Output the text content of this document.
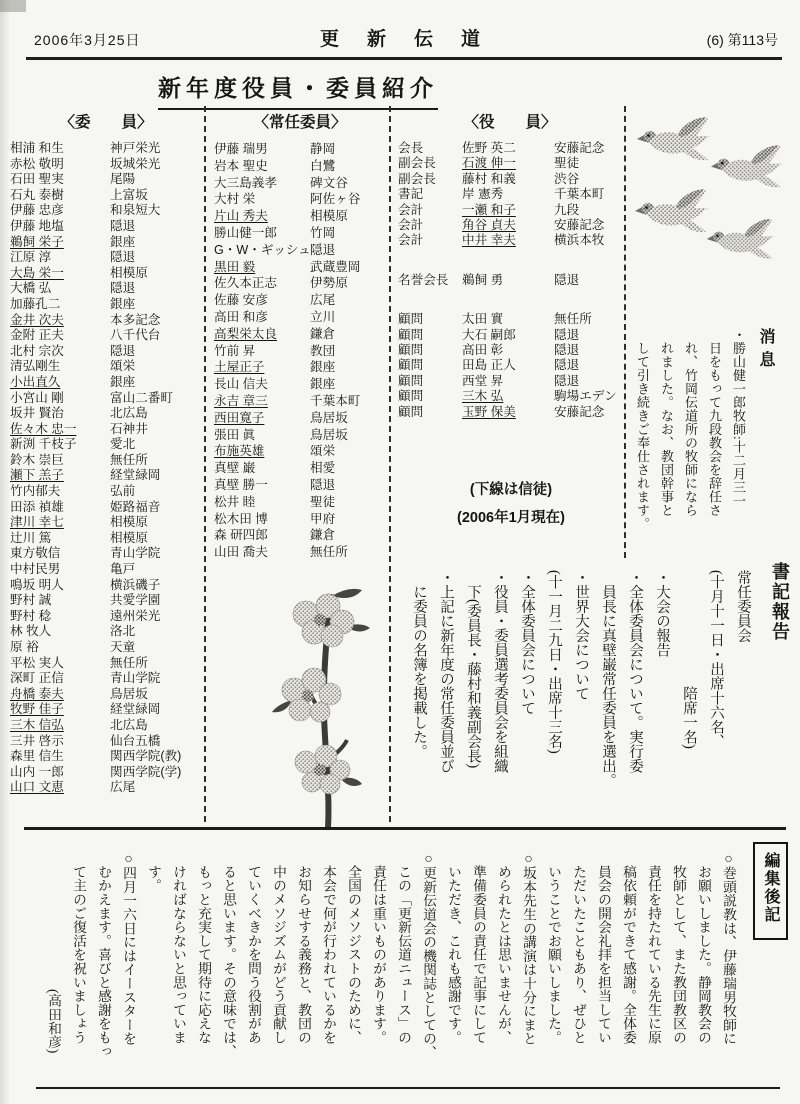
2006年3月25日	更新伝道	(6) 第113号
新年度役員・委員紹介
〈委　　員〉
相浦 和生	神戸栄光
赤松 敬明	坂城栄光
石田 聖実	尾陽
石丸 泰樹	上富坂
伊藤 忠彦	和泉短大
伊藤 地塩	隠退
鵜飼 栄子	銀座
江原 淳	隠退
大島 栄一	相模原
大橋 弘	隠退
加藤孔二	銀座
金井 次夫	本多記念
金附 正夫	八千代台
北村 宗次	隠退
清弘剛生	頌栄
小出直久	銀座
小宮山 剛	富山二番町
坂井 賢治	北広島
佐々木 忠一	石神井
新渕 千枝子	愛北
鈴木 崇巨	無任所
瀬下 羔子	経堂緑岡
竹内郁夫	弘前
田添 禎雄	姫路福音
津川 幸七	相模原
辻川 篤	相模原
東方敬信	青山学院
中村民男	亀戸
鳴坂 明人	横浜磯子
野村 誠	共愛学園
野村 稔	遠州栄光
林 牧人	洛北
原 裕	天童
平松 実人	無任所
深町 正信	青山学院
舟橋 泰夫	鳥居坂
牧野 佳子	経堂緑岡
三木 信弘	北広島
三井 啓示	仙台五橋
森里 信生	関西学院(教)
山内 一郎	関西学院(学)
山口 文恵	広尾
〈常任委員〉
伊藤 瑞男	静岡
岩本 聖史	白鷺
大三島義孝	碑文谷
大村 栄	阿佐ヶ谷
片山 秀夫	相模原
勝山健一郎	竹岡
G・W・ギッシュ 隠退
黒田 毅	武蔵豊岡
佐久本正志	伊勢原
佐藤 安彦	広尾
高田 和彦	立川
高梨栄太良	鎌倉
竹前 昇	教団
土屋正子	銀座
長山 信夫	銀座
永吉 章三	千葉本町
西田寛子	鳥居坂
張田 眞	鳥居坂
布施英雄	頌栄
真壁 巌	相愛
真壁 勝一	隠退
松井 睦	聖徒
松木田 博	甲府
森 研四郎	鎌倉
山田 喬夫	無任所
〈役　　員〉
会長	佐野 英二	安藤記念
副会長	石渡 伸一	聖徒
副会長	藤村 和義	渋谷
書記	岸 憲秀	千葉本町
会計	一瀬 和子	九段
会計	角谷 貞夫	安藤記念
会計	中井 幸夫	横浜本牧
名誉会長	鵜飼 勇	隠退
顧問	太田 實	無任所
顧問	大石 嗣郎	隠退
顧問	高田 彰	隠退
顧問	田島 正人	隠退
顧問	西堂 昇	隠退
顧問	三木 弘	駒場エデン
顧問	玉野 保美	安藤記念
(下線は信徒)
(2006年1月現在)

消息

・勝山健一郎牧師:十二月三一

　日をもって九段教会を辞任さ

　れ、竹岡伝道所の牧師になら

　れました。なお、教団幹事と

　して引き続きご奉仕されます。

書記報告

常任委員会

(十月十一日・出席十六名、

　　　　　　　　陪席一名)

・大会の報告

・全体委員会について。実行委

　員長に真壁巌常任委員を選出。

・世界大会について

(十一月二九日・出席十三名)

・全体委員会について

・役員・委員選考委員会を組織

　下(委員長・藤村和義副会長)

・上記に新年度の常任委員並び

　に委員の名簿を掲載した。

編集後記

○巻頭説教は、伊藤瑞男牧師に

　お願いしました。静岡教会の

　牧師として、また教団教区の

　責任を持たれている先生に原

　稿依頼ができて感謝。全体委

　員会の開会礼拝を担当してい

　ただいたこともあり、ぜひと

　いうことでお願いしました。

○坂本先生の講演は十分にまと

　められたとは思いませんが、

　準備委員の責任で記事にして

　いただき、これも感謝です。

○更新伝道会の機関誌としての、

　この「更新伝道ニュース」の

　責任は重いものがあります。

　全国のメソジストのために、

　本会で何が行われているかを

　お知らせする義務と、教団の

　中のメソジズムがどう貢献し

　ていくべきかを問う役割があ

　ると思います。その意味では、

　もっと充実して期待に応えな

　ければならないと思っていま

　す。

○四月一六日にはイースターを

　むかえます。喜びと感謝をもっ

　て主のご復活を祝いましょう

　　　　　　　　　　(高田和彦)
